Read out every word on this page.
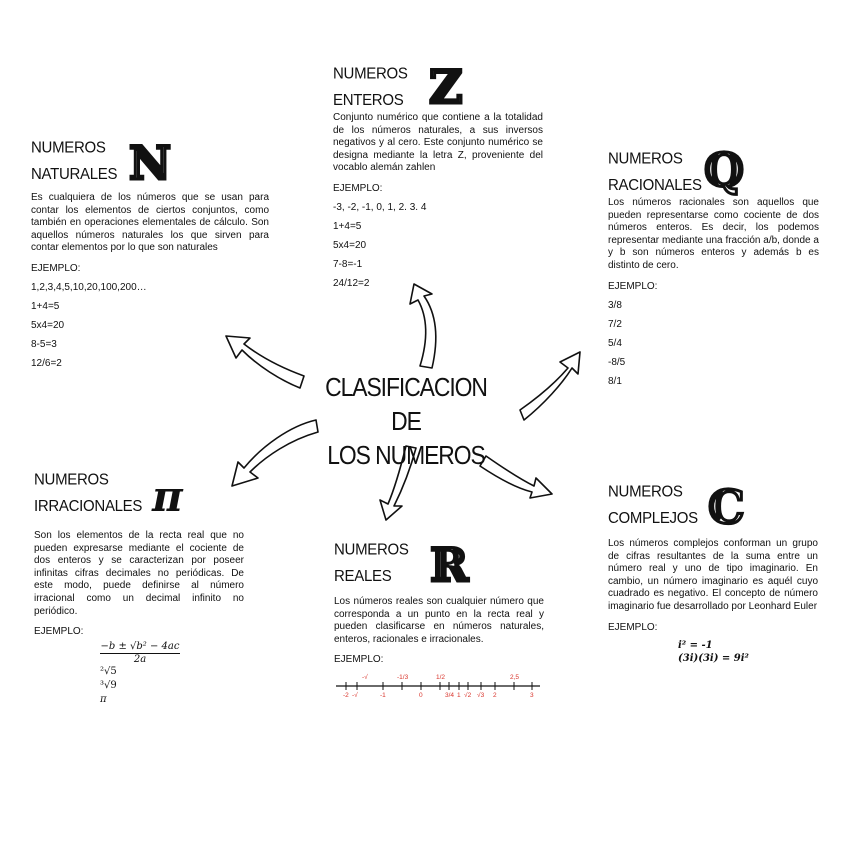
CLASIFICACION DE
LOS NUMEROS
NUMEROS
NATURALES ℕ
Es cualquiera de los números que se usan para contar los elementos de ciertos conjuntos, como también en operaciones elementales de cálculo. Son aquellos números naturales los que sirven para contar elementos por lo que son naturales
EJEMPLO:
1,2,3,4,5,10,20,100,200…
1+4=5
5x4=20
8-5=3
12/6=2
NUMEROS
ENTEROS ℤ
Conjunto numérico que contiene a la totalidad de los números naturales, a sus inversos negativos y al cero. Este conjunto numérico se designa mediante la letra Z, proveniente del vocablo alemán zahlen
EJEMPLO:
-3, -2, -1, 0, 1, 2. 3. 4
1+4=5
5x4=20
7-8=-1
24/12=2
NUMEROS
RACIONALES ℚ
Los números racionales son aquellos que pueden representarse como cociente de dos números enteros. Es decir, los podemos representar mediante una fracción a/b, donde a y b son números enteros y además b es distinto de cero.
EJEMPLO:
3/8
7/2
5/4
-8/5
8/1
NUMEROS
IRRACIONALES π
Son los elementos de la recta real que no pueden expresarse mediante el cociente de dos enteros y se caracterizan por poseer infinitas cifras decimales no periódicas. De este modo, puede definirse al número irracional como un decimal infinito no periódico.
EJEMPLO:
−b ± √b² − 4ac
2a
²√5
³√9
π
NUMEROS
REALES ℝ
Los números reales son cualquier número que corresponda a un punto en la recta real y pueden clasificarse en números naturales, enteros, racionales e irracionales.
EJEMPLO:
-√	-1/3	1/2	2,5
-2 -√	-1	0	3/4 1 √2 √3 2	3
NUMEROS
COMPLEJOS ℂ
Los números complejos conforman un grupo de cifras resultantes de la suma entre un número real y uno de tipo imaginario. En cambio, un número imaginario es aquél cuyo cuadrado es negativo. El concepto de número imaginario fue desarrollado por Leonhard Euler
EJEMPLO:
i² = -1
(3i)(3i) = 9i²
